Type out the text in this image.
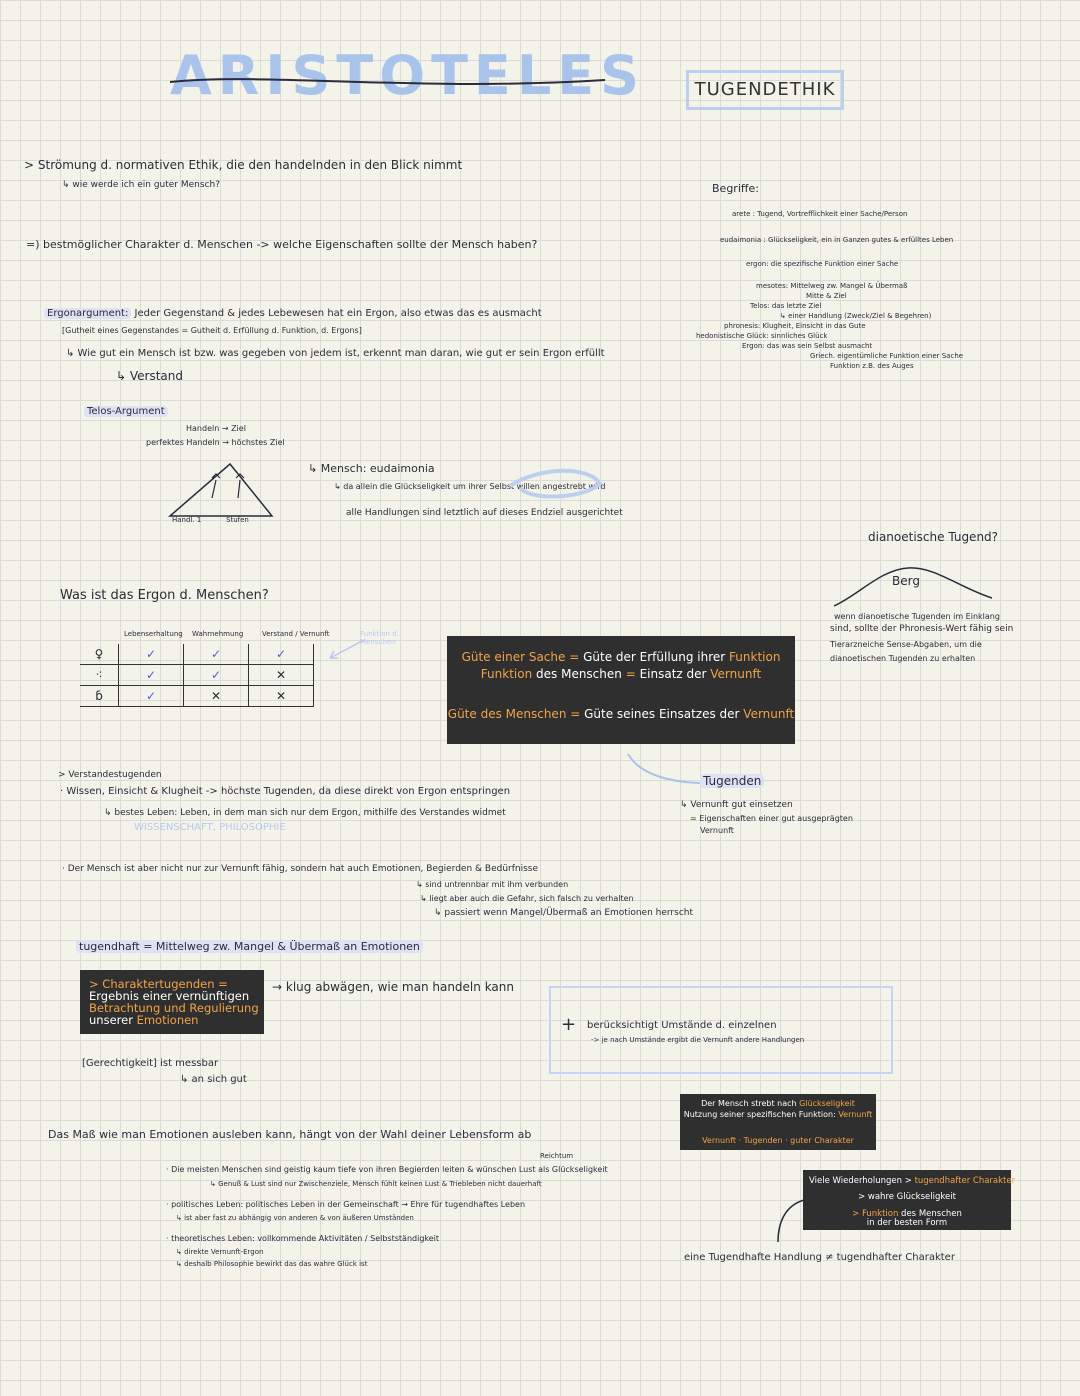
ARISTOTELES	TUGENDETHIK
> Strömung d. normativen Ethik, die den handelnden in den Blick nimmt
↳ wie werde ich ein guter Mensch?
=) bestmöglicher Charakter d. Menschen -> welche Eigenschaften sollte der Mensch haben?
Ergonargument: Jeder Gegenstand & jedes Lebewesen hat ein Ergon, also etwas das es ausmacht
[Gutheit eines Gegenstandes = Gutheit d. Erfüllung d. Funktion, d. Ergons]
↳ Wie gut ein Mensch ist bzw. was gegeben von jedem ist, erkennt man daran, wie gut er sein Ergon erfüllt
↳ Verstand
Telos-Argument
Handeln → Ziel
perfektes Handeln → höchstes Ziel
Handl. 1	Stufen
↳ Mensch: eudaimonia
↳ da allein die Glückseligkeit um ihrer Selbst willen angestrebt wird
alle Handlungen sind letztlich auf dieses Endziel ausgerichtet
Was ist das Ergon d. Menschen?
Lebenserhaltung Wahrnehmung	Verstand / Vernunft	Funktion d. Menschen
♀	✓	✓	✓
⁖	✓	✓	✕
ɓ	✓	✕	✕
Güte einer Sache = Güte der Erfüllung ihrer Funktion
Funktion des Menschen = Einsatz der Vernunft
Güte des Menschen = Güte seines Einsatzes der Vernunft
> Verstandestugenden
· Wissen, Einsicht & Klugheit -> höchste Tugenden, da diese direkt von Ergon entspringen
↳ bestes Leben: Leben, in dem man sich nur dem Ergon, mithilfe des Verstandes widmet
WISSENSCHAFT, PHILOSOPHIE
· Der Mensch ist aber nicht nur zur Vernunft fähig, sondern hat auch Emotionen, Begierden & Bedürfnisse
↳ sind untrennbar mit ihm verbunden
↳ liegt aber auch die Gefahr, sich falsch zu verhalten
↳ passiert wenn Mangel/Übermaß an Emotionen herrscht
tugendhaft = Mittelweg zw. Mangel & Übermaß an Emotionen
> Charaktertugenden =
Ergebnis einer vernünftigen
Betrachtung und Regulierung
unserer Emotionen
→ klug abwägen, wie man handeln kann
[Gerechtigkeit] ist messbar
↳ an sich gut
+ berücksichtigt Umstände d. einzelnen
-> je nach Umstände ergibt die Vernunft andere Handlungen
Das Maß wie man Emotionen ausleben kann, hängt von der Wahl deiner Lebensform ab
Reichtum
· Die meisten Menschen sind geistig kaum tiefe von ihren Begierden leiten & wünschen Lust als Glückseligkeit
↳ Genuß & Lust sind nur Zwischenziele, Mensch fühlt keinen Lust & Triebleben nicht dauerhaft
· politisches Leben: politisches Leben in der Gemeinschaft → Ehre für tugendhaftes Leben
↳ ist aber fast zu abhängig von anderen & von äußeren Umständen
· theoretisches Leben: vollkommende Aktivitäten / Selbstständigkeit
↳ direkte Vernunft-Ergon
↳ deshalb Philosophie bewirkt das das wahre Glück ist
Begriffe:
arete : Tugend, Vortrefflichkeit einer Sache/Person
eudaimonia : Glückseligkeit, ein in Ganzen gutes & erfülltes Leben
ergon: die spezifische Funktion einer Sache
mesotes: Mittelweg zw. Mangel & Übermaß
Mitte & Ziel
Telos: das letzte Ziel
↳ einer Handlung (Zweck/Ziel & Begehren)
phronesis: Klugheit, Einsicht in das Gute
hedonistische Glück: sinnliches Glück
Ergon: das was sein Selbst ausmacht
Griech. eigentümliche Funktion einer Sache
Funktion z.B. des Auges
dianoetische Tugend?
Berg
wenn dianoetische Tugenden im Einklang
sind, sollte der Phronesis-Wert fähig sein
Tierarzneiche Sense-Abgaben, um die
dianoetischen Tugenden zu erhalten
Tugenden
↳ Vernunft gut einsetzen
= Eigenschaften einer gut ausgeprägten
Vernunft
Der Mensch strebt nach Glückseligkeit
Nutzung seiner spezifischen Funktion: Vernunft
Vernunft · Tugenden · guter Charakter
Viele Wiederholungen > tugendhafter Charakter
> wahre Glückseligkeit
> Funktion des Menschen
in der besten Form
eine Tugendhafte Handlung ≠ tugendhafter Charakter
